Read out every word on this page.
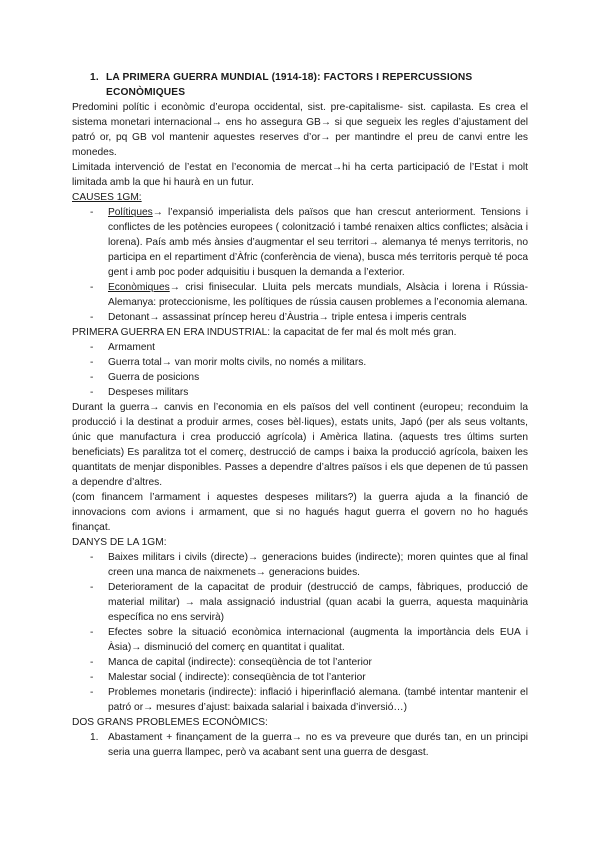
1. LA PRIMERA GUERRA MUNDIAL (1914-18): FACTORS I REPERCUSSIONS ECONÒMIQUES

Predomini polític i econòmic d’europa occidental, sist. pre-capitalisme- sist. capilasta. Es crea el sistema monetari internacional→ ens ho assegura GB→ si que segueix les regles d’ajustament del patró or, pq GB vol mantenir aquestes reserves d’or→ per mantindre el preu de canvi entre les monedes.

Limitada intervenció de l’estat en l’economia de mercat→hi ha certa participació de l’Estat i molt limitada amb la que hi haurà en un futur.

CAUSES 1GM:
- Polítiques→ l’expansió imperialista dels països que han crescut anteriorment. Tensions i conflictes de les potències europees ( colonització i també renaixen altics conflictes; alsàcia i lorena). País amb més ànsies d’augmentar el seu territori→ alemanya té menys territoris, no participa en el repartiment d’Àfric (conferència de viena), busca més territoris perquè té poca gent i amb poc poder adquisitiu i busquen la demanda a l’exterior.
- Econòmiques→ crisi finisecular. Lluita pels mercats mundials, Alsàcia i lorena i Rússia-Alemanya: proteccionisme, les polítiques de rússia causen problemes a l’economia alemana.
- Detonant→ assassinat príncep hereu d’Àustria→ triple entesa i imperis centrals
PRIMERA GUERRA EN ERA INDUSTRIAL: la capacitat de fer mal és molt més gran.
- Armament
- Guerra total→ van morir molts civils, no només a militars.
- Guerra de posicions
- Despeses militars

Durant la guerra→ canvis en l’economia en els països del vell continent (europeu; reconduim la producció i la destinat a produir armes, coses bèl·liques), estats units, Japó (per als seus voltants, únic que manufactura i crea producció agrícola) i Amèrica llatina. (aquests tres últims surten beneficiats) Es paralitza tot el comerç, destrucció de camps i baixa la producció agrícola, baixen les quantitats de menjar disponibles. Passes a dependre d’altres països i els que depenen de tú passen a dependre d’altres.

(com financem l’armament i aquestes despeses militars?) la guerra ajuda a la financió de innovacions com avions i armament, que si no hagués hagut guerra el govern no ho hagués finançat.

DANYS DE LA 1GM:
- Baixes militars i civils (directe)→ generacions buides (indirecte); moren quintes que al final creen una manca de naixmenets→ generacions buides.
- Deteriorament de la capacitat de produir (destrucció de camps, fàbriques, producció de material militar) → mala assignació industrial (quan acabi la guerra, aquesta maquinària específica no ens servirà)
- Efectes sobre la situació econòmica internacional (augmenta la importància dels EUA i Àsia)→ disminució del comerç en quantitat i qualitat.
- Manca de capital (indirecte): conseqüència de tot l’anterior
- Malestar social ( indirecte): conseqüència de tot l’anterior
- Problemes monetaris (indirecte): inflació i hiperinflació alemana. (també intentar mantenir el patró or→ mesures d’ajust: baixada salarial i baixada d’inversió…)
DOS GRANS PROBLEMES ECONÒMICS:
1. Abastament + finançament de la guerra→ no es va preveure que durés tan, en un principi seria una guerra llampec, però va acabant sent una guerra de desgast.
